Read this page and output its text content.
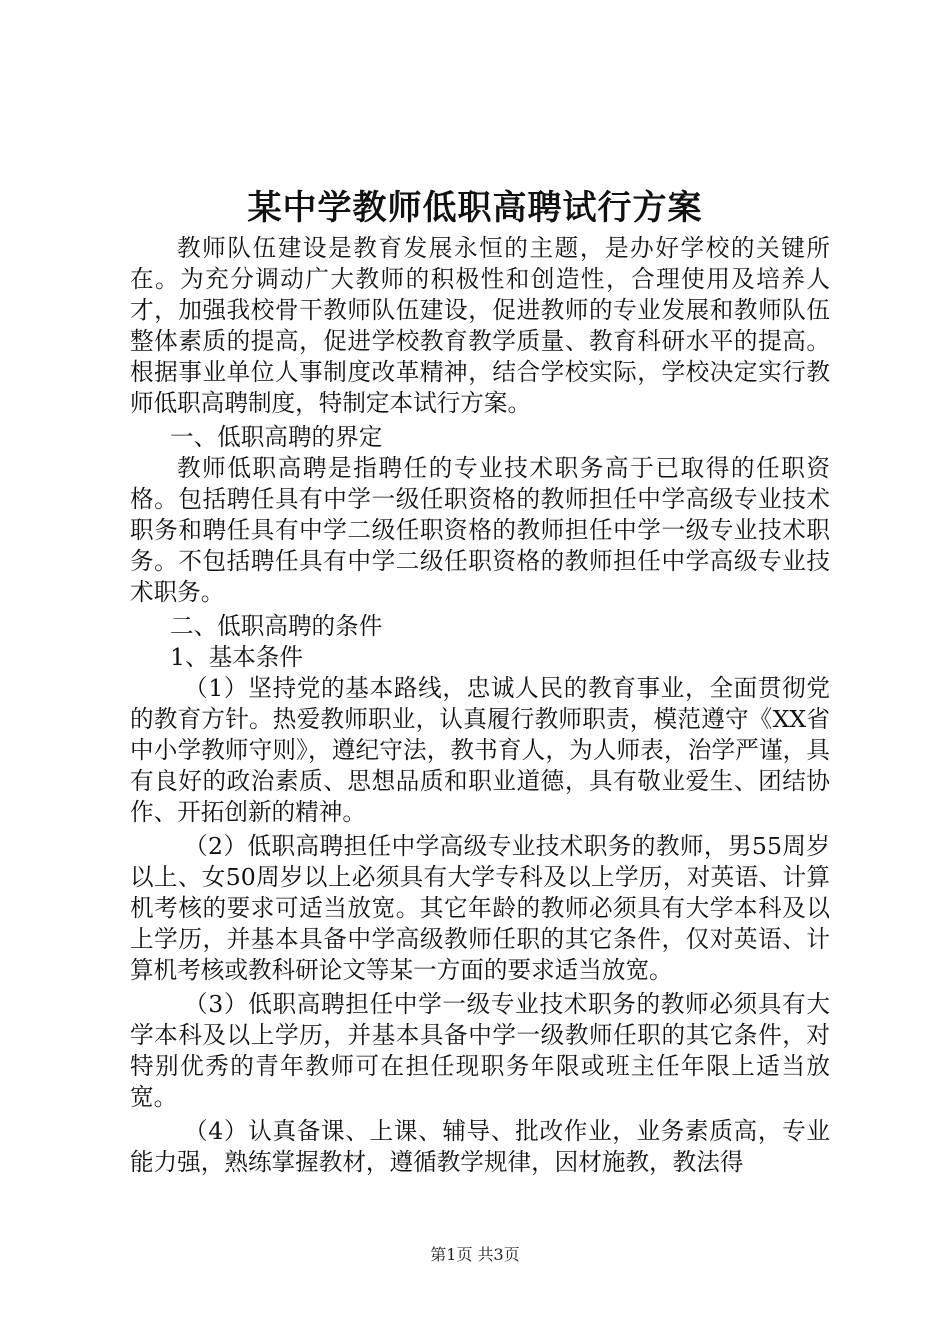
某中学教师低职高聘试行方案

教师队伍建设是教育发展永恒的主题，是办好学校的关键所在。为充分调动广大教师的积极性和创造性，合理使用及培养人才，加强我校骨干教师队伍建设，促进教师的专业发展和教师队伍整体素质的提高，促进学校教育教学质量、教育科研水平的提高。根据事业单位人事制度改革精神，结合学校实际，学校决定实行教师低职高聘制度，特制定本试行方案。

一、低职高聘的界定

教师低职高聘是指聘任的专业技术职务高于已取得的任职资格。包括聘任具有中学一级任职资格的教师担任中学高级专业技术职务和聘任具有中学二级任职资格的教师担任中学一级专业技术职务。不包括聘任具有中学二级任职资格的教师担任中学高级专业技术职务。

二、低职高聘的条件

1、基本条件

（1）坚持党的基本路线，忠诚人民的教育事业，全面贯彻党的教育方针。热爱教师职业，认真履行教师职责，模范遵守《XX省中小学教师守则》，遵纪守法，教书育人，为人师表，治学严谨，具有良好的政治素质、思想品质和职业道德，具有敬业爱生、团结协作、开拓创新的精神。

（2）低职高聘担任中学高级专业技术职务的教师，男55周岁以上、女50周岁以上必须具有大学专科及以上学历，对英语、计算机考核的要求可适当放宽。其它年龄的教师必须具有大学本科及以上学历，并基本具备中学高级教师任职的其它条件，仅对英语、计算机考核或教科研论文等某一方面的要求适当放宽。

（3）低职高聘担任中学一级专业技术职务的教师必须具有大学本科及以上学历，并基本具备中学一级教师任职的其它条件，对特别优秀的青年教师可在担任现职务年限或班主任年限上适当放宽。

（4）认真备课、上课、辅导、批改作业，业务素质高，专业能力强，熟练掌握教材，遵循教学规律，因材施教，教法得

第1页 共3页
